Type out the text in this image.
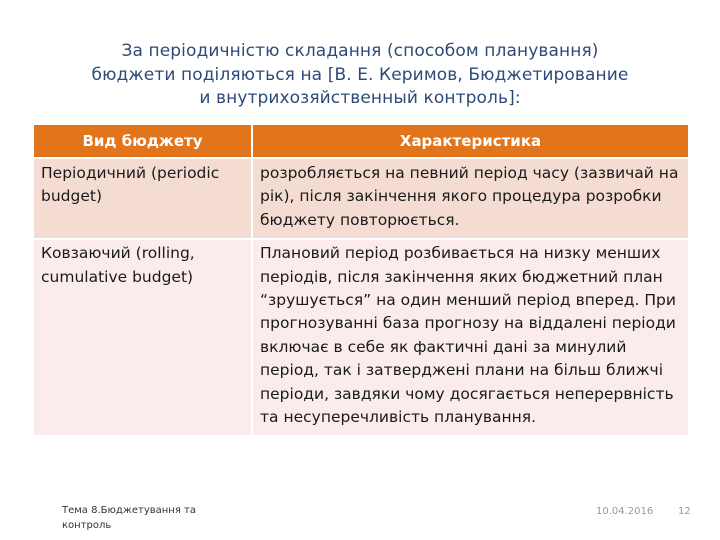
За періодичністю складання (способом планування)
бюджети поділяються на [В. Е. Керимов, Бюджетирование
и внутрихозяйственный контроль]:
Вид бюджету	Характеристика
Періодичний (periodic budget)	розробляється на певний період часу (зазвичай на рік), після закінчення якого процедура розробки бюджету повторюється.
Ковзаючий (rolling, cumulative budget)	Плановий період розбивається на низку менших періодів, після закінчення яких бюджетний план “зрушується” на один менший період вперед. При прогнозуванні база прогнозу на віддалені періоди включає в себе як фактичні дані за минулий період, так і затверджені плани на більш ближчі періоди, завдяки чому досягається неперервність та несуперечливість планування.
Тема 8.Бюджетування та
контроль
10.04.2016 12
